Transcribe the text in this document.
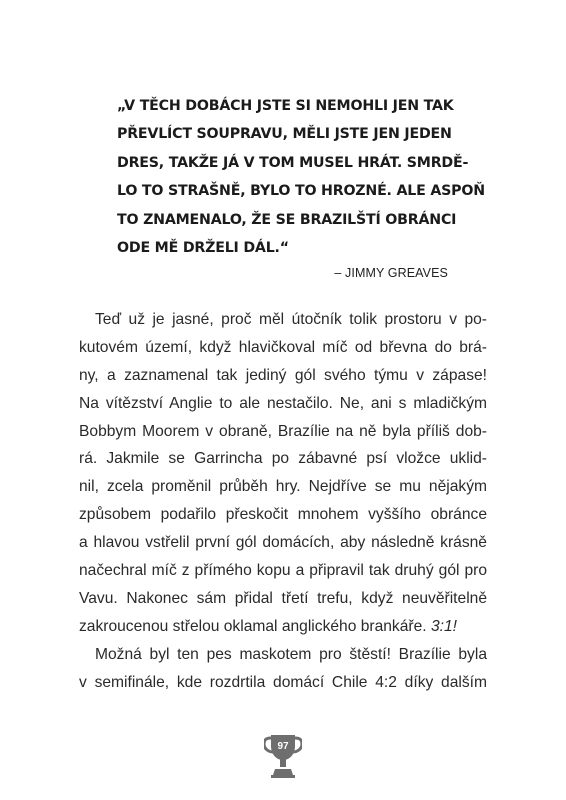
„V TĚCH DOBÁCH JSTE SI NEMOHLI JEN TAK
PŘEVLÍCT SOUPRAVU, MĚLI JSTE JEN JEDEN
DRES, TAKŽE JÁ V TOM MUSEL HRÁT. SMRDĚ-
LO TO STRAŠNĚ, BYLO TO HROZNÉ. ALE ASPOŇ
TO ZNAMENALO, ŽE SE BRAZILŠTÍ OBRÁNCI
ODE MĚ DRŽELI DÁL.“
– JIMMY GREAVES
Teď už je jasné, proč měl útočník tolik prostoru v po-
kutovém území, když hlavičkoval míč od břevna do brá-
ny, a zaznamenal tak jediný gól svého týmu v zápase!
Na vítězství Anglie to ale nestačilo. Ne, ani s mladičkým
Bobbym Moorem v obraně, Brazílie na ně byla příliš dob-
rá. Jakmile se Garrincha po zábavné psí vložce uklid-
nil, zcela proměnil průběh hry. Nejdříve se mu nějakým
způsobem podařilo přeskočit mnohem vyššího obránce
a hlavou vstřelil první gól domácích, aby následně krásně
načechral míč z přímého kopu a připravil tak druhý gól pro
Vavu. Nakonec sám přidal třetí trefu, když neuvěřitelně
zakroucenou střelou oklamal anglického brankáře. 3:1!
Možná byl ten pes maskotem pro štěstí! Brazílie byla
v semifinále, kde rozdrtila domácí Chile 4:2 díky dalším
97
